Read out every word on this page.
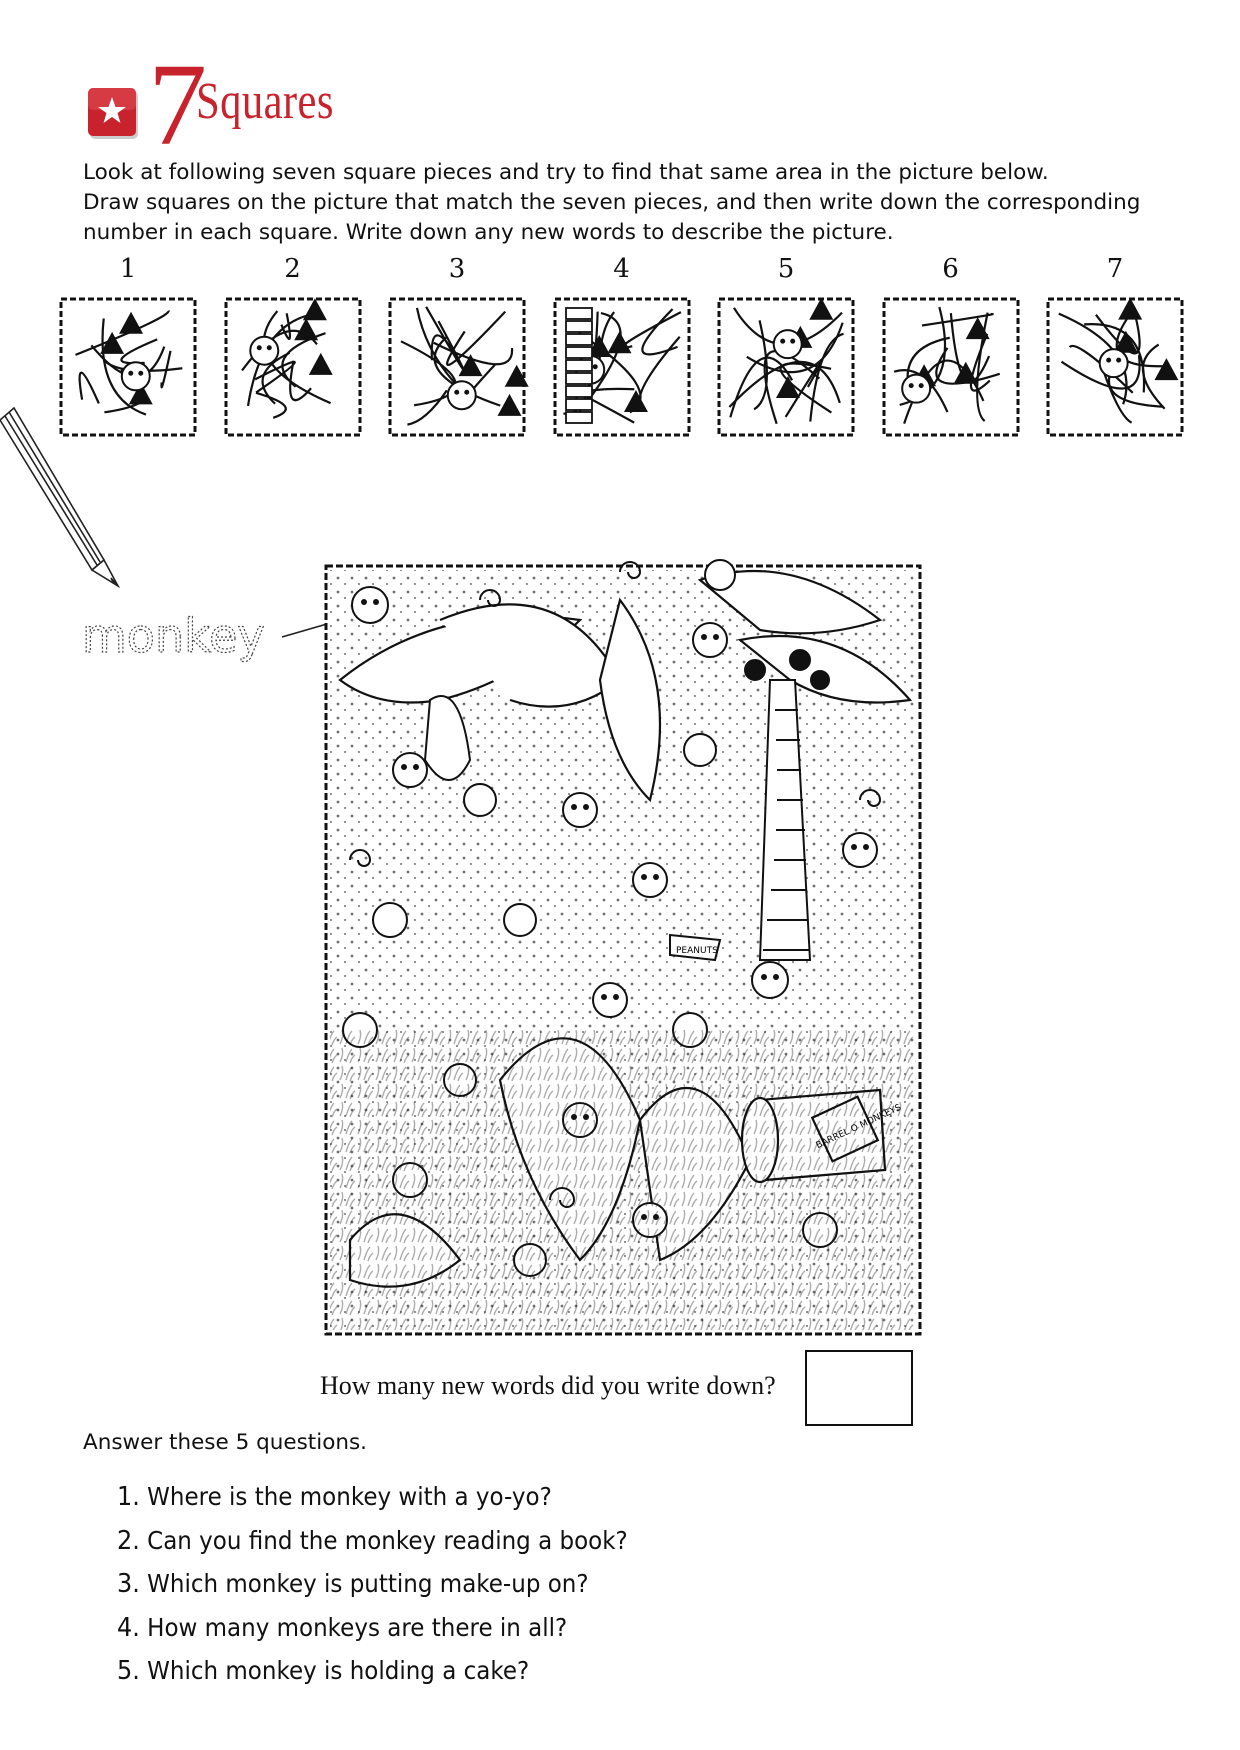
7
Squares
Look at following seven square pieces and try to find that same area in the picture below.
Draw squares on the picture that match the seven pieces, and then write down the corresponding
number in each square. Write down any new words to describe the picture.
1	2	3	4	5	6	7
monkey
BARREL O MONKEYS
PEANUTS
How many new words did you write down?
Answer these 5 questions.
1. Where is the monkey with a yo-yo?
2. Can you find the monkey reading a book?
3. Which monkey is putting make-up on?
4. How many monkeys are there in all?
5. Which monkey is holding a cake?
